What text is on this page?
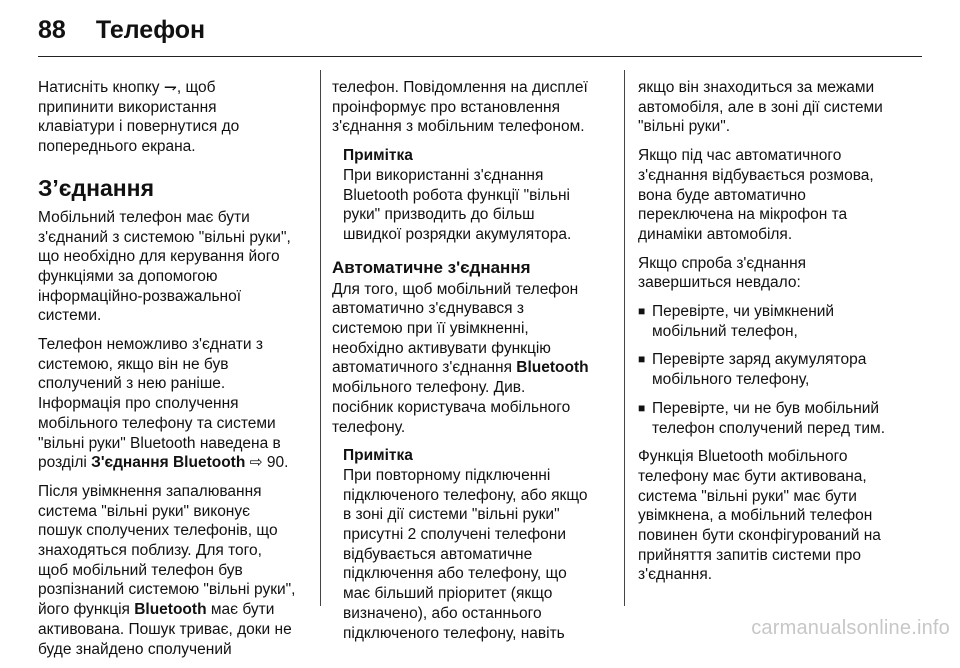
88 Телефон

Натисніть кнопку ⇁, щоб
припинити використання
клавіатури і повернутися до
попереднього екрана.

З’єднання

Мобільний телефон має бути
з'єднаний з системою "вільні руки",
що необхідно для керування його
функціями за допомогою
інформаційно-розважальної
системи.

Телефон неможливо з'єднати з
системою, якщо він не був
сполучений з нею раніше.
Інформація про сполучення
мобільного телефону та системи
"вільні руки" Bluetooth наведена в
розділі З'єднання Bluetooth ⇨ 90.

Після увімкнення запалювання
система "вільні руки" виконує
пошук сполучених телефонів, що
знаходяться поблизу. Для того,
щоб мобільний телефон був
розпізнаний системою "вільні руки",
його функція Bluetooth має бути
активована. Пошук триває, доки не
буде знайдено сполучений

телефон. Повідомлення на дисплеї
проінформує про встановлення
з'єднання з мобільним телефоном.

Примітка
При використанні з'єднання
Bluetooth робота функції "вільні
руки" призводить до більш
швидкої розрядки акумулятора.
Автоматичне з'єднання

Для того, щоб мобільний телефон
автоматично з'єднувався з
системою при її увімкненні,
необхідно активувати функцію
автоматичного з'єднання Bluetooth
мобільного телефону. Див.
посібник користувача мобільного
телефону.

Примітка
При повторному підключенні
підключеного телефону, або якщо
в зоні дії системи "вільні руки"
присутні 2 сполучені телефони
відбувається автоматичне
підключення або телефону, що
має більший пріоритет (якщо
визначено), або останнього
підключеного телефону, навіть

якщо він знаходиться за межами
автомобіля, але в зоні дії системи
"вільні руки".

Якщо під час автоматичного
з'єднання відбувається розмова,
вона буде автоматично
переключена на мікрофон та
динаміки автомобіля.

Якщо спроба з'єднання
завершиться невдало:

■ Перевірте, чи увімкнений
мобільний телефон,
■ Перевірте заряд акумулятора
мобільного телефону,
■ Перевірте, чи не був мобільний
телефон сполучений перед тим.

Функція Bluetooth мобільного
телефону має бути активована,
система "вільні руки" має бути
увімкнена, а мобільний телефон
повинен бути сконфігурований на
прийняття запитів системи про
з'єднання.

carmanualsonline.info
